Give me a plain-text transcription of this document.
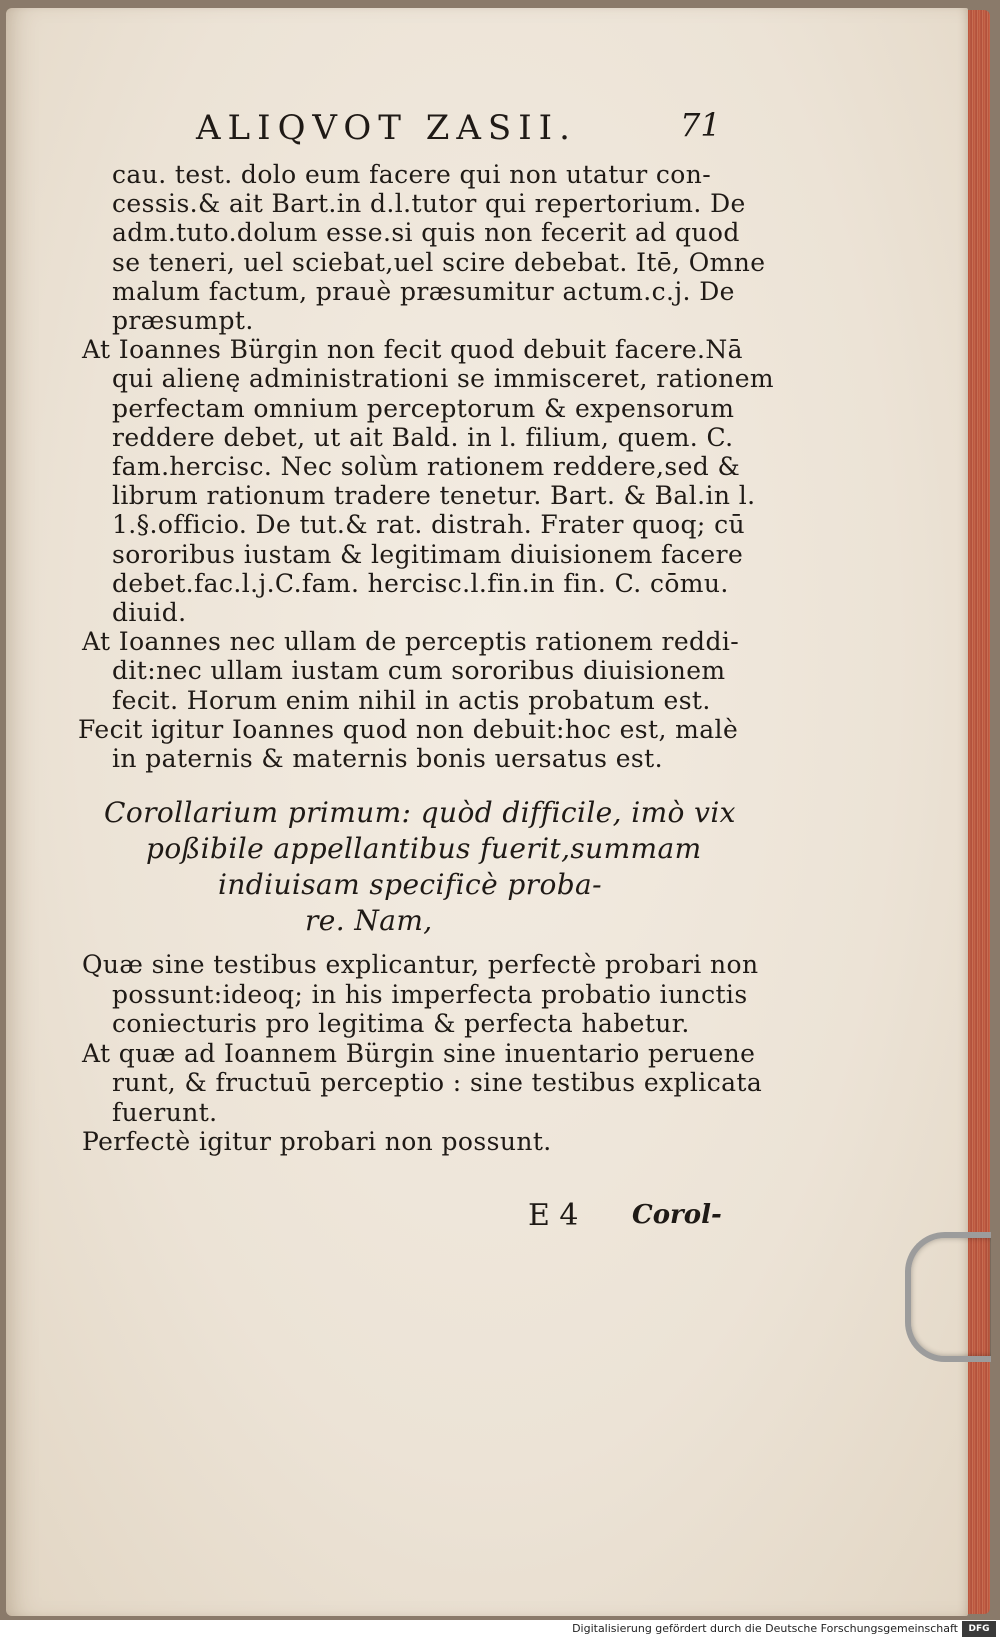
ALIQVOT ZASII.	71
cau. test. dolo eum facere qui non utatur con-
cessis.& ait Bart.in d.l.tutor qui repertorium. De
adm.tuto.dolum esse.si quis non fecerit ad quod
se teneri, uel sciebat,uel scire debebat. Itē, Omne
malum factum, prauè præsumitur actum.c.j. De
præsumpt.
At Ioannes Bürgin non fecit quod debuit facere.Nā
qui alienę administrationi se immisceret, rationem
perfectam omnium perceptorum & expensorum
reddere debet, ut ait Bald. in l. filium, quem. C.
fam.hercisc. Nec solùm rationem reddere,sed &
librum rationum tradere tenetur. Bart. & Bal.in l.
1.§.officio. De tut.& rat. distrah. Frater quoq; cū
sororibus iustam & legitimam diuisionem facere
debet.fac.l.j.C.fam. hercisc.l.fin.in fin. C. cōmu.
diuid.
At Ioannes nec ullam de perceptis rationem reddi-
dit:nec ullam iustam cum sororibus diuisionem
fecit. Horum enim nihil in actis probatum est.
Fecit igitur Ioannes quod non debuit:hoc est, malè
in paternis & maternis bonis uersatus est.
Corollarium primum: quòd difficile, imò vix
poßibile appellantibus fuerit,summam
indiuisam specificè proba-
re. Nam,
Quæ sine testibus explicantur, perfectè probari non
possunt:ideoq; in his imperfecta probatio iunctis
coniecturis pro legitima & perfecta habetur.
At quæ ad Ioannem Bürgin sine inuentario peruene
runt, & fructuū perceptio : sine testibus explicata
fuerunt.
Perfectè igitur probari non possunt.
E 4 Corol-
Digitalisierung gefördert durch die Deutsche Forschungsgemeinschaft	DFG
